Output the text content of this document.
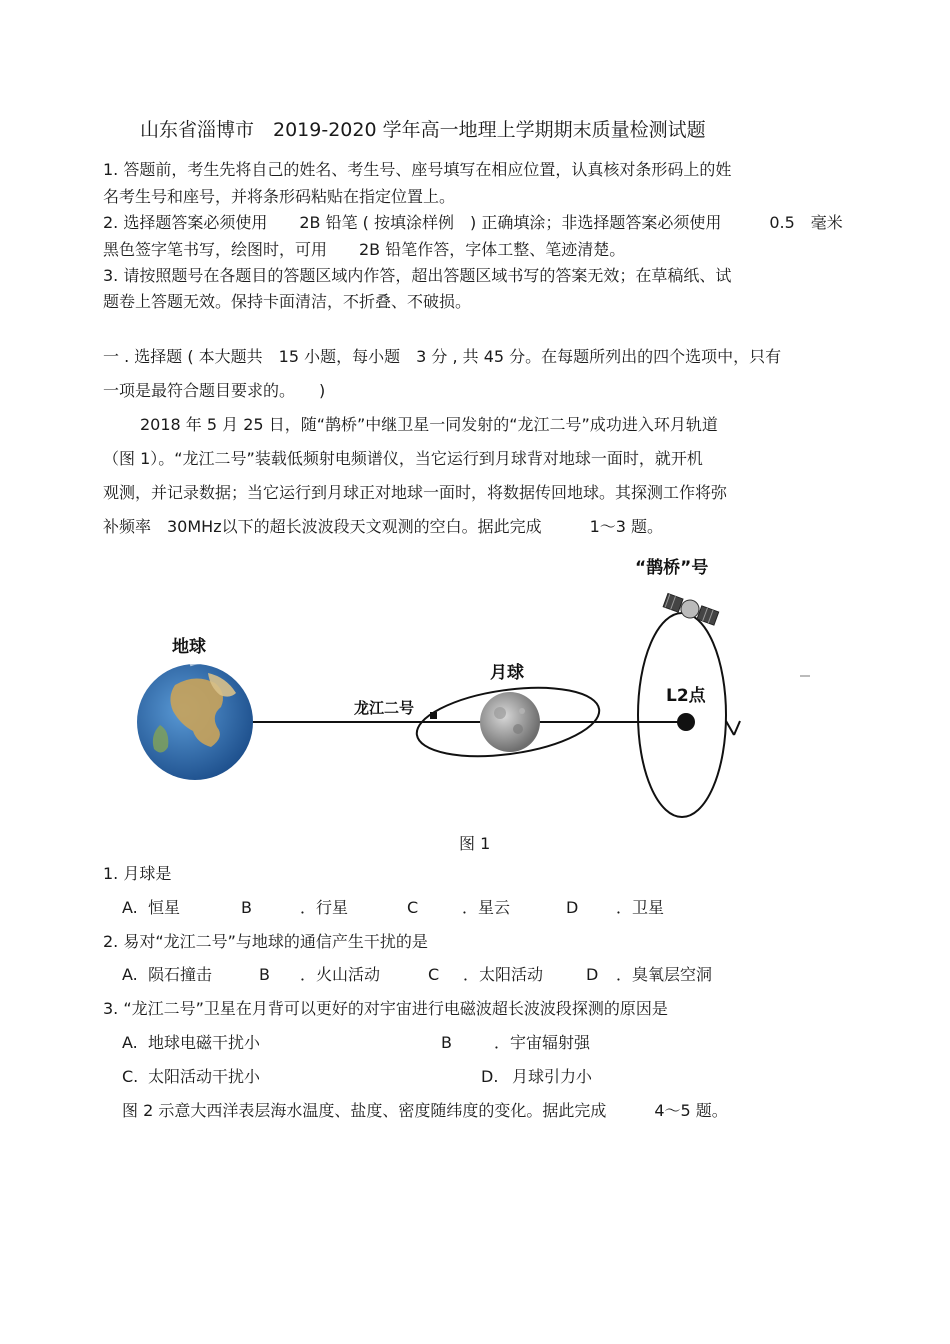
山东省淄博市　2019-2020 学年高一地理上学期期末质量检测试题
1. 答题前，考生先将自己的姓名、考生号、座号填写在相应位置，认真核对条形码上的姓
名考生号和座号，并将条形码粘贴在指定位置上。
2. 选择题答案必须使用　　2B 铅笔 ( 按填涂样例　) 正确填涂；非选择题答案必须使用　　　0.5　毫米
黑色签字笔书写，绘图时，可用　　2B 铅笔作答，字体工整、笔迹清楚。
3. 请按照题号在各题目的答题区域内作答，超出答题区域书写的答案无效；在草稿纸、试
题卷上答题无效。保持卡面清洁，不折叠、不破损。
一 . 选择题 ( 本大题共　15 小题，每小题　3 分 , 共 45 分。在每题所列出的四个选项中，只有
一项是最符合题目要求的。　　)
2018 年 5 月 25 日，随“鹊桥”中继卫星一同发射的“龙江二号”成功进入环月轨道
（图 1）。“龙江二号”装载低频射电频谱仪，当它运行到月球背对地球一面时，就开机
观测，并记录数据；当它运行到月球正对地球一面时，将数据传回地球。其探测工作将弥
补频率　30MHz以下的超长波波段天文观测的空白。据此完成　　　1～3 题。
地球
月球
龙江二号
L2点
“鹊桥”号
图 1
1. 月球是
A. 恒星	B	．行星	C	．星云	D ．卫星
2. 易对“龙江二号”与地球的通信产生干扰的是
A. 陨石撞击	B ．火山活动	C ．太阳活动	D ．臭氧层空洞
3. “龙江二号”卫星在月背可以更好的对宇宙进行电磁波超长波波段探测的原因是
A. 地球电磁干扰小	B	．宇宙辐射强
C. 太阳活动干扰小	D. 月球引力小
图 2 示意大西洋表层海水温度、盐度、密度随纬度的变化。据此完成　　　4～5 题。
